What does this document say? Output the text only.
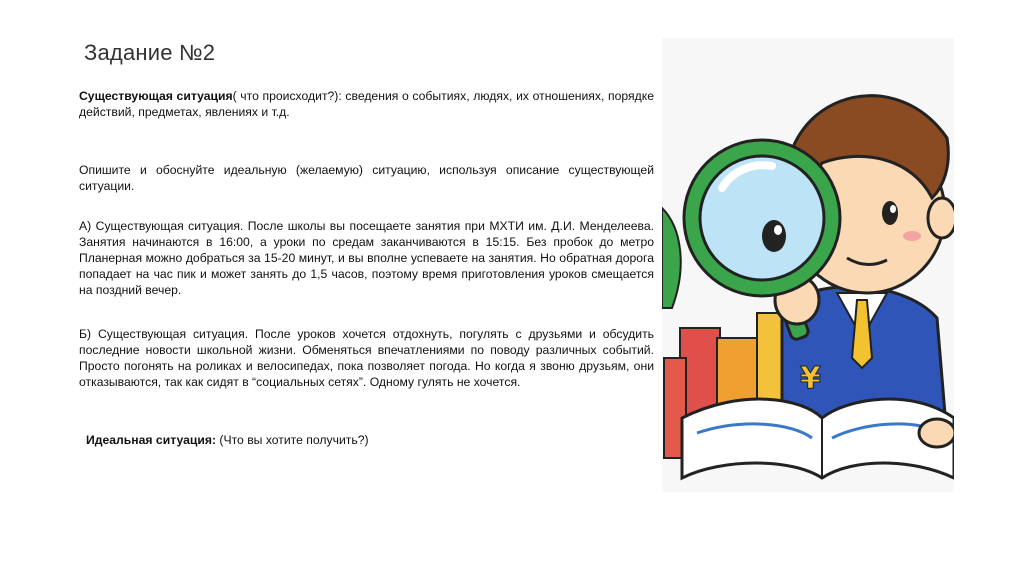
Задание №2
Существующая ситуация( что происходит?): сведения о событиях, людях, их отношениях, порядке действий, предметах, явлениях и т.д.
Опишите и обоснуйте идеальную (желаемую) ситуацию, используя описание существующей ситуации.
А) Существующая ситуация. После школы вы посещаете занятия при МХТИ им. Д.И. Менделеева. Занятия начинаются в 16:00, а уроки по средам заканчиваются в 15:15. Без пробок до метро Планерная можно добраться за 15-20 минут, и вы вполне успеваете на занятия. Но обратная дорога попадает на час пик и может занять до 1,5 часов, поэтому время приготовления уроков смещается на поздний вечер.
Б) Существующая ситуация. После уроков хочется отдохнуть, погулять с друзьями и обсудить последние новости школьной жизни. Обменяться впечатлениями по поводу различных событий. Просто погонять на роликах и велосипедах, пока позволяет погода. Но когда я звоню друзьям, они отказываются, так как сидят в “социальных сетях”. Одному гулять не хочется.
Идеальная ситуация: (Что вы хотите получить?)
¥
